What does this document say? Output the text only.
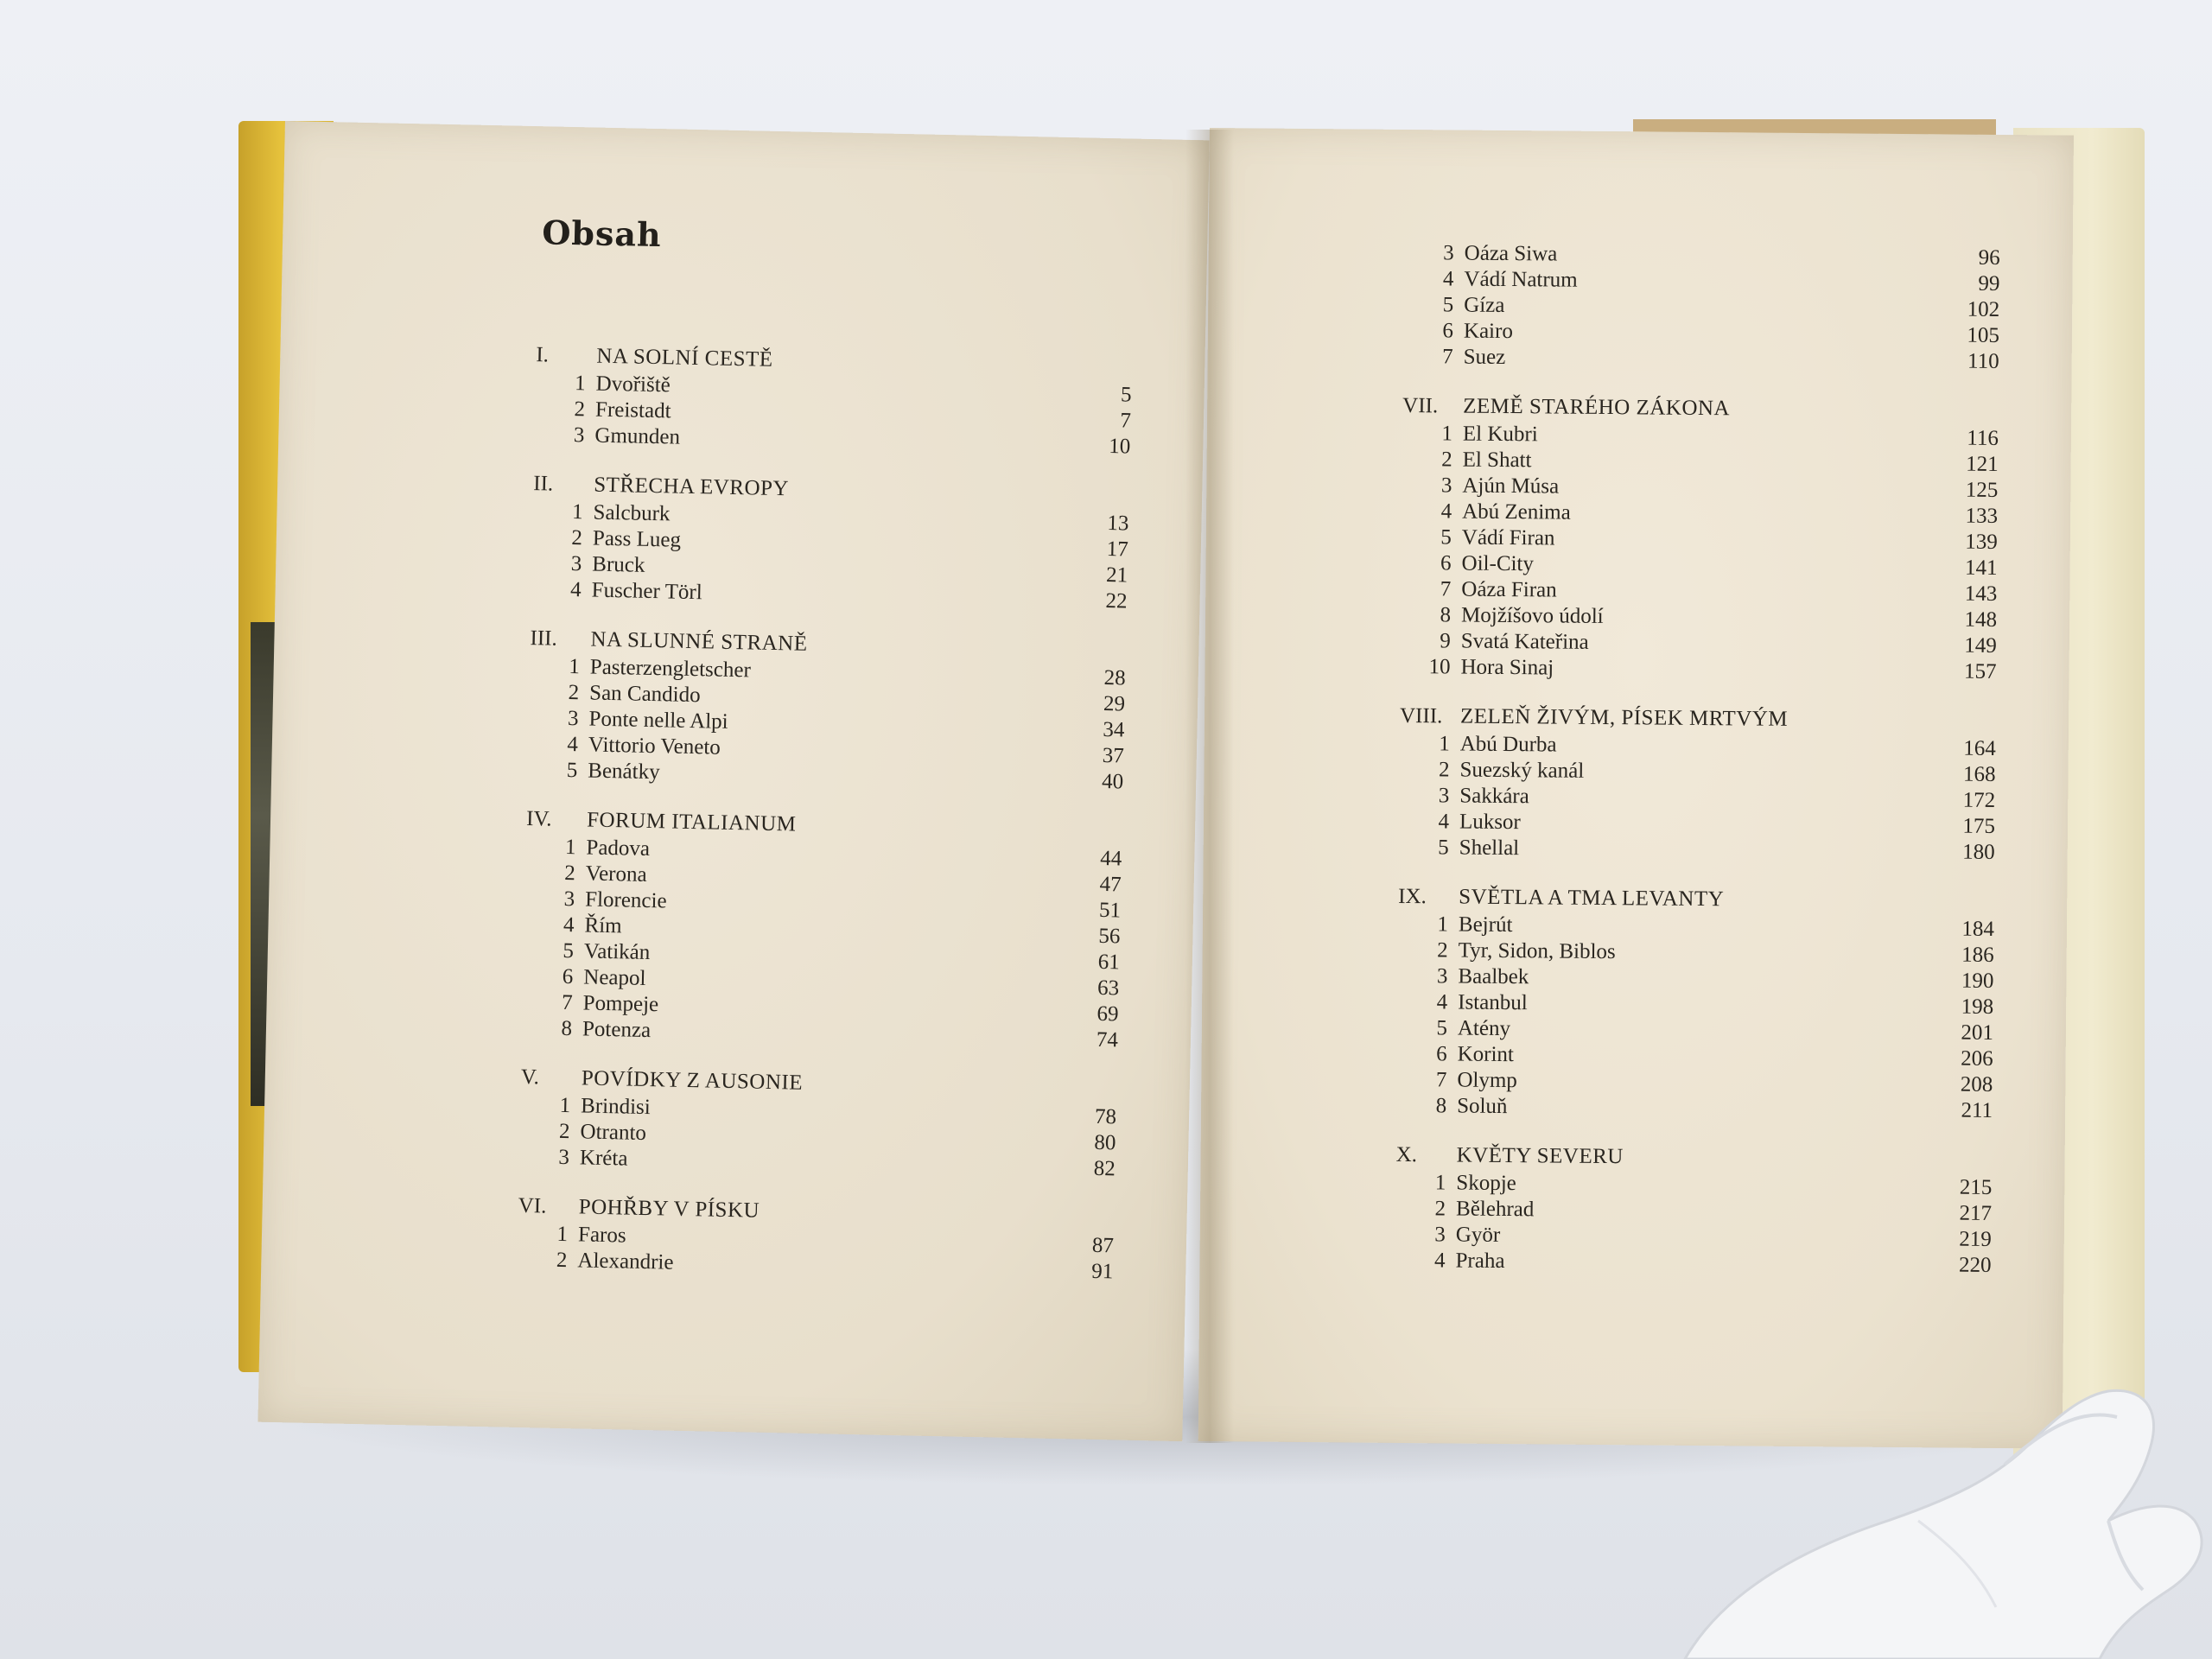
Obsah
I. NA SOLNÍ CESTĚ
1 Dvořiště	5
2 Freistadt	7
3 Gmunden	10
II. STŘECHA EVROPY
1 Salcburk	13
2 Pass Lueg	17
3 Bruck	21
4 Fuscher Törl	22
III. NA SLUNNÉ STRANĚ
1 Pasterzengletscher	28
2 San Candido	29
3 Ponte nelle Alpi	34
4 Vittorio Veneto	37
5 Benátky	40
IV. FORUM ITALIANUM
1 Padova	44
2 Verona	47
3 Florencie	51
4 Řím	56
5 Vatikán	61
6 Neapol	63
7 Pompeje	69
8 Potenza	74
V. POVÍDKY Z AUSONIE
1 Brindisi	78
2 Otranto	80
3 Kréta	82
VI. POHŘBY V PÍSKU
1 Faros	87
2 Alexandrie	91
3 Oáza Siwa	96
4 Vádí Natrum	99
5 Gíza	102
6 Kairo	105
7 Suez	110
VII. ZEMĚ STARÉHO ZÁKONA
1 El Kubri	116
2 El Shatt	121
3 Ajún Músa	125
4 Abú Zenima	133
5 Vádí Firan	139
6 Oil-City	141
7 Oáza Firan	143
8 Mojžíšovo údolí	148
9 Svatá Kateřina	149
10 Hora Sinaj	157
VIII. ZELEŇ ŽIVÝM, PÍSEK MRTVÝM
1 Abú Durba	164
2 Suezský kanál	168
3 Sakkára	172
4 Luksor	175
5 Shellal	180
IX. SVĚTLA A TMA LEVANTY
1 Bejrút	184
2 Tyr, Sidon, Biblos	186
3 Baalbek	190
4 Istanbul	198
5 Atény	201
6 Korint	206
7 Olymp	208
8 Soluň	211
X. KVĚTY SEVERU
1 Skopje	215
2 Bělehrad	217
3 Györ	219
4 Praha	220
